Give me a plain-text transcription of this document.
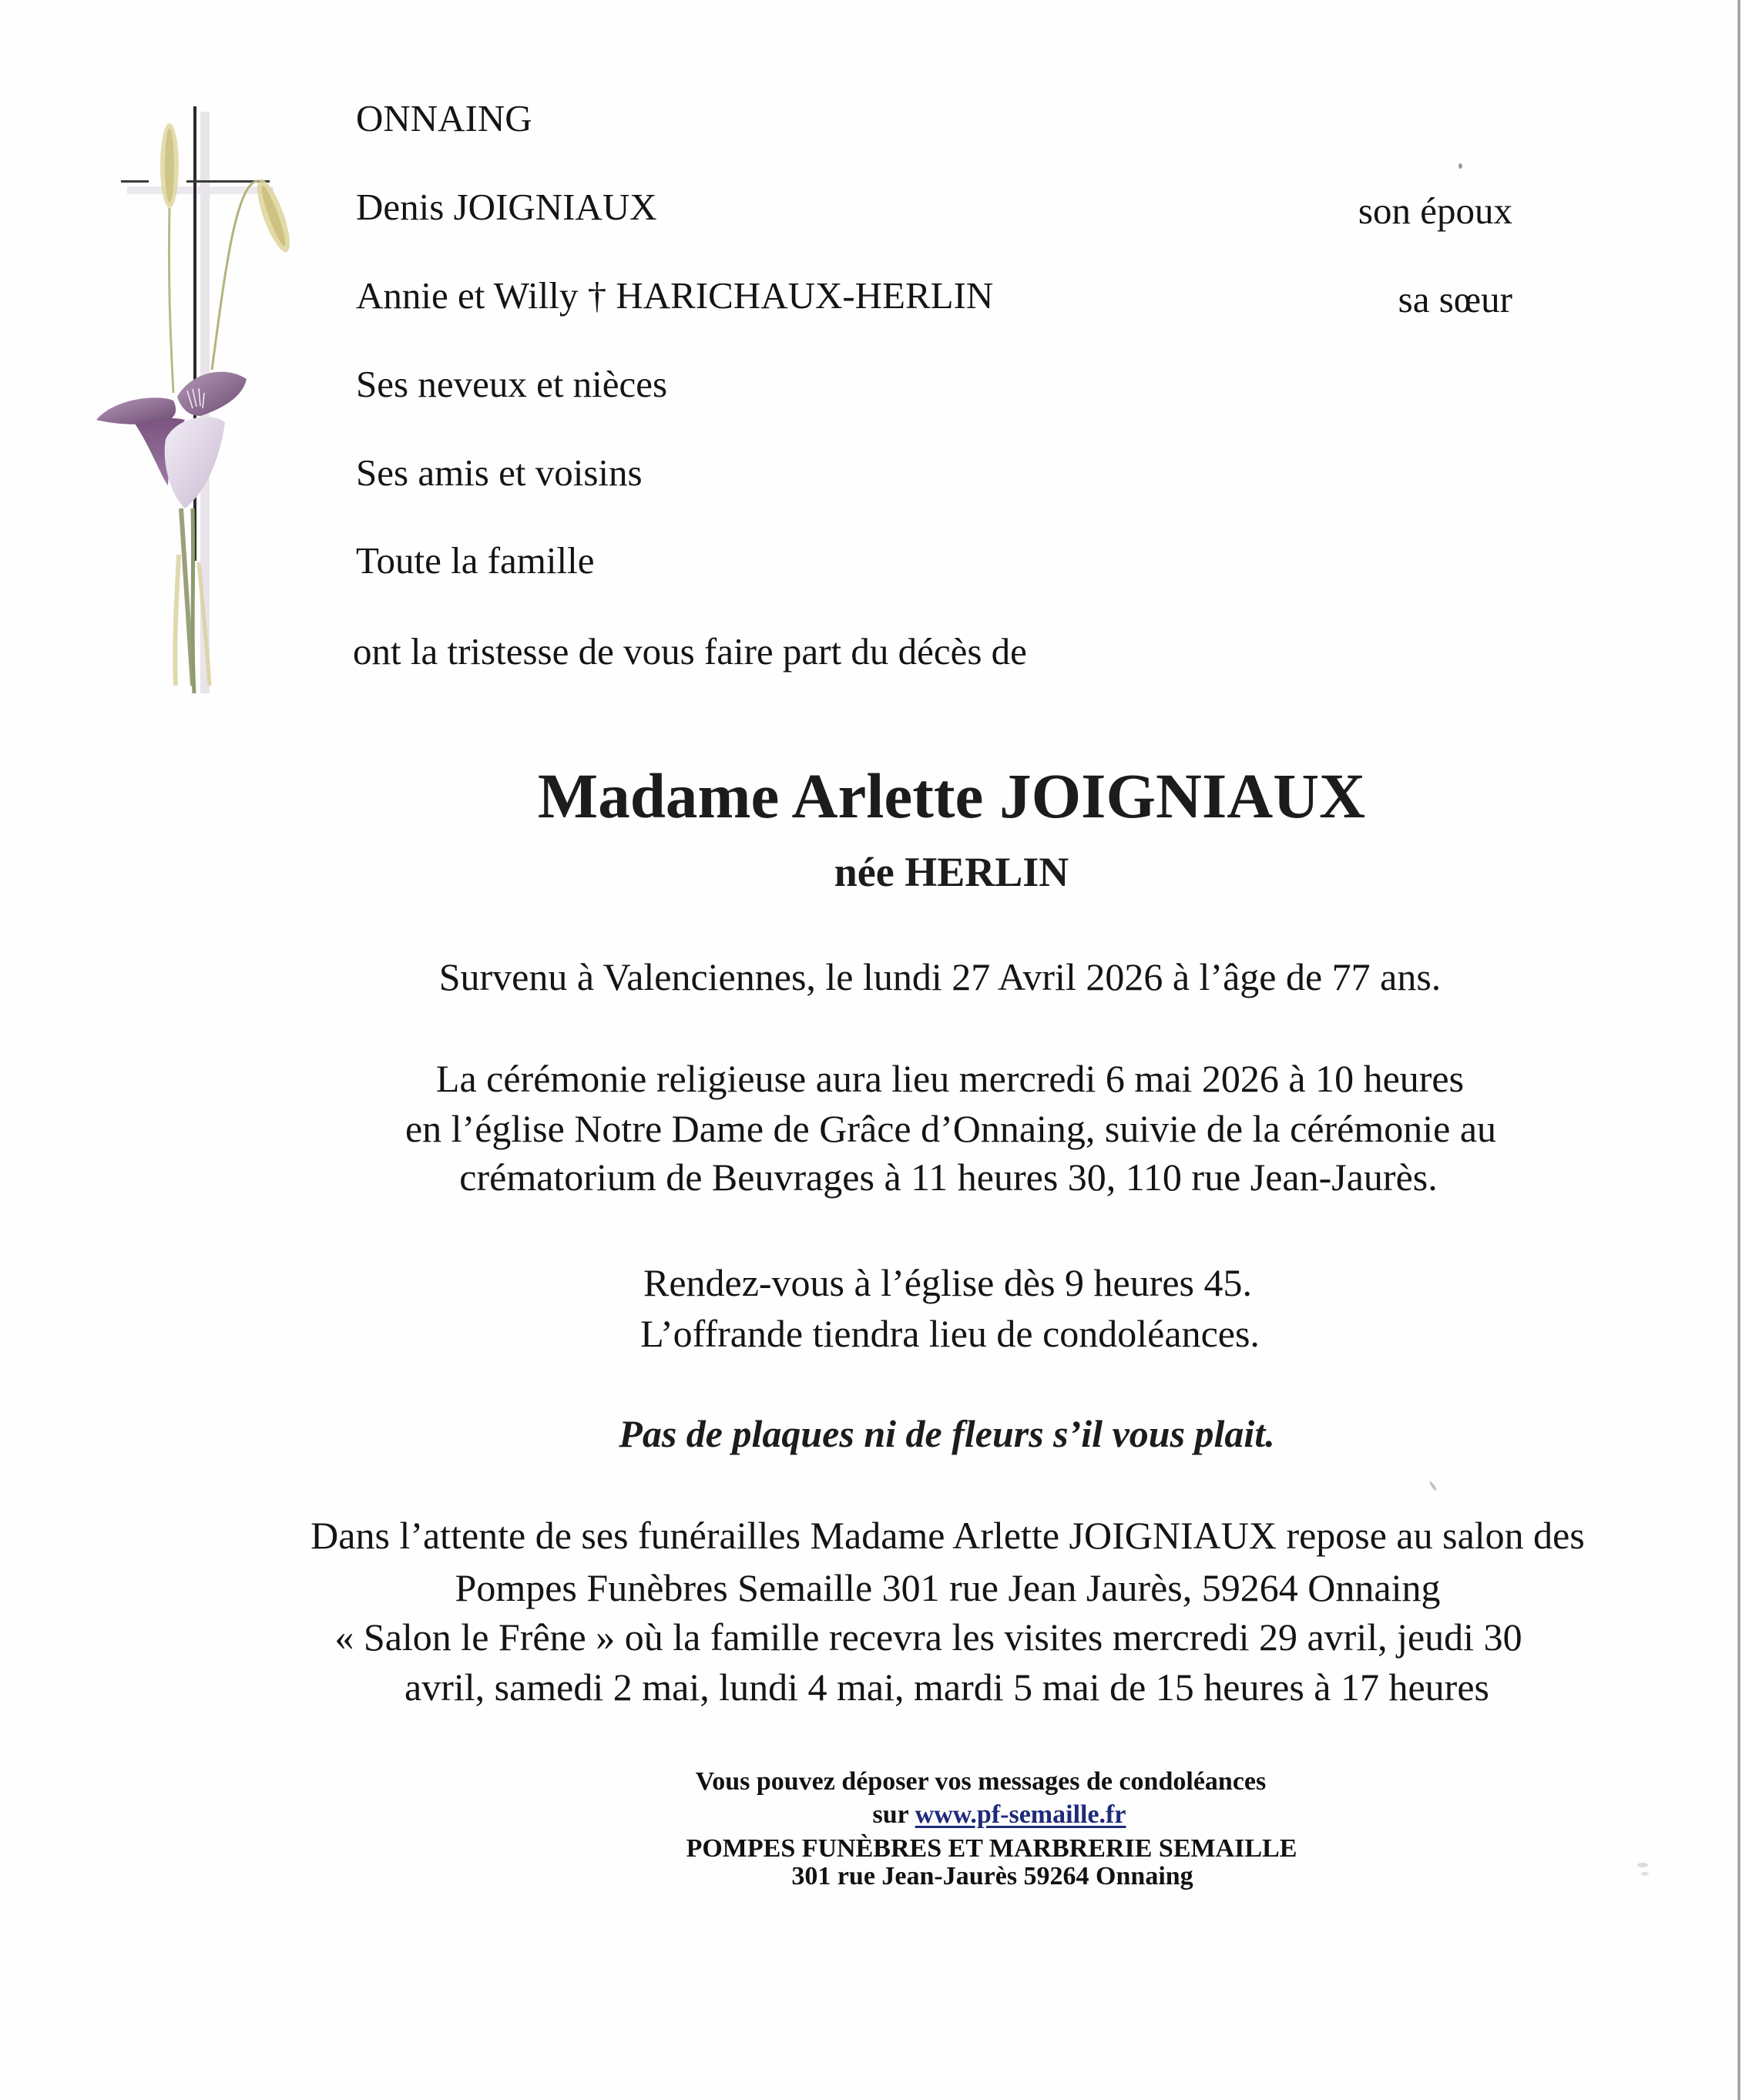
ONNAING
Denis JOIGNIAUX	son époux
Annie et Willy † HARICHAUX-HERLIN	sa sœur
Ses neveux et nièces
Ses amis et voisins
Toute la famille
ont la tristesse de vous faire part du décès de
Madame Arlette JOIGNIAUX
née HERLIN
Survenu à Valenciennes, le lundi 27 Avril 2026 à l’âge de 77 ans.
La cérémonie religieuse aura lieu mercredi 6 mai 2026 à 10 heures
en l’église Notre Dame de Grâce d’Onnaing, suivie de la cérémonie au
crématorium de Beuvrages à 11 heures 30, 110 rue Jean-Jaurès.
Rendez-vous à l’église dès 9 heures 45.
L’offrande tiendra lieu de condoléances.
Pas de plaques ni de fleurs s’il vous plait.
Dans l’attente de ses funérailles Madame Arlette JOIGNIAUX repose au salon des
Pompes Funèbres Semaille 301 rue Jean Jaurès, 59264 Onnaing
« Salon le Frêne » où la famille recevra les visites mercredi 29 avril, jeudi 30
avril, samedi 2 mai, lundi 4 mai, mardi 5 mai de 15 heures à 17 heures
Vous pouvez déposer vos messages de condoléances
sur www.pf-semaille.fr
POMPES FUNÈBRES ET MARBRERIE SEMAILLE
301 rue Jean-Jaurès 59264 Onnaing
